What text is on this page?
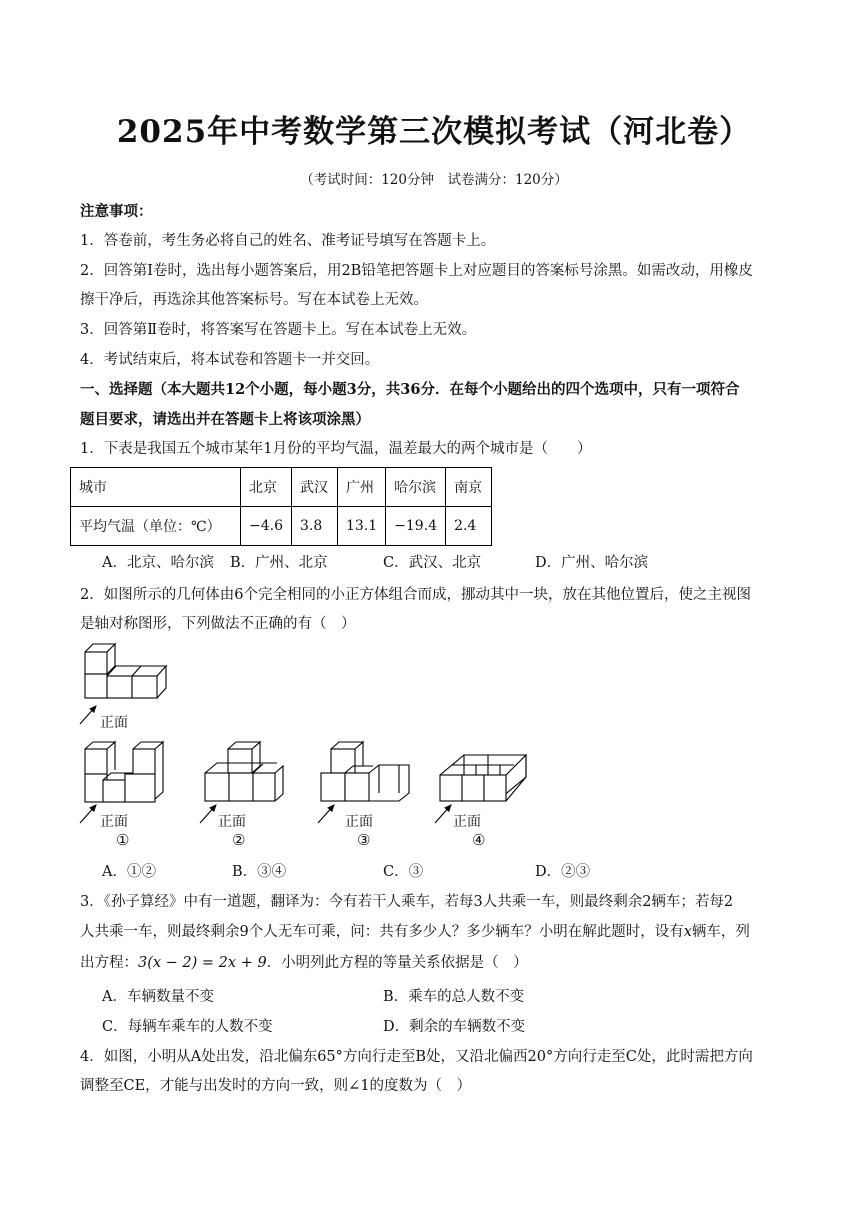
2025年中考数学第三次模拟考试（河北卷）
（考试时间：120分钟　试卷满分：120分）
注意事项：
1．答卷前，考生务必将自己的姓名、准考证号填写在答题卡上。
2．回答第Ⅰ卷时，选出每小题答案后，用2B铅笔把答题卡上对应题目的答案标号涂黑。如需改动，用橡皮
擦干净后，再选涂其他答案标号。写在本试卷上无效。
3．回答第Ⅱ卷时，将答案写在答题卡上。写在本试卷上无效。
4．考试结束后，将本试卷和答题卡一并交回。
一、选择题（本大题共12个小题，每小题3分，共36分．在每个小题给出的四个选项中，只有一项符合
题目要求，请选出并在答题卡上将该项涂黑）
1．下表是我国五个城市某年1月份的平均气温，温差最大的两个城市是（　　）
城市	北京	武汉	广州	哈尔滨	南京
平均气温（单位：℃）	−4.6	3.8	13.1	−19.4	2.4
A．北京、哈尔滨 B．广州、北京	C．武汉、北京	D．广州、哈尔滨
2．如图所示的几何体由6个完全相同的小正方体组合而成，挪动其中一块，放在其他位置后，使之主视图
是轴对称图形，下列做法不正确的有（　）
正面
正面	正面	正面	正面
①	②	③	④
A．①②	B．③④	C．③	D．②③
3．《孙子算经》中有一道题，翻译为：今有若干人乘车，若每3人共乘一车，则最终剩余2辆车；若每2
人共乘一车，则最终剩余9个人无车可乘，问：共有多少人？多少辆车？小明在解此题时，设有x辆车，列
出方程：3(x − 2) = 2x + 9．小明列此方程的等量关系依据是（　）
A．车辆数量不变	B．乘车的总人数不变
C．每辆车乘车的人数不变	D．剩余的车辆数不变
4．如图，小明从A处出发，沿北偏东65°方向行走至B处，又沿北偏西20°方向行走至C处，此时需把方向
调整至CE，才能与出发时的方向一致，则∠1的度数为（　）
